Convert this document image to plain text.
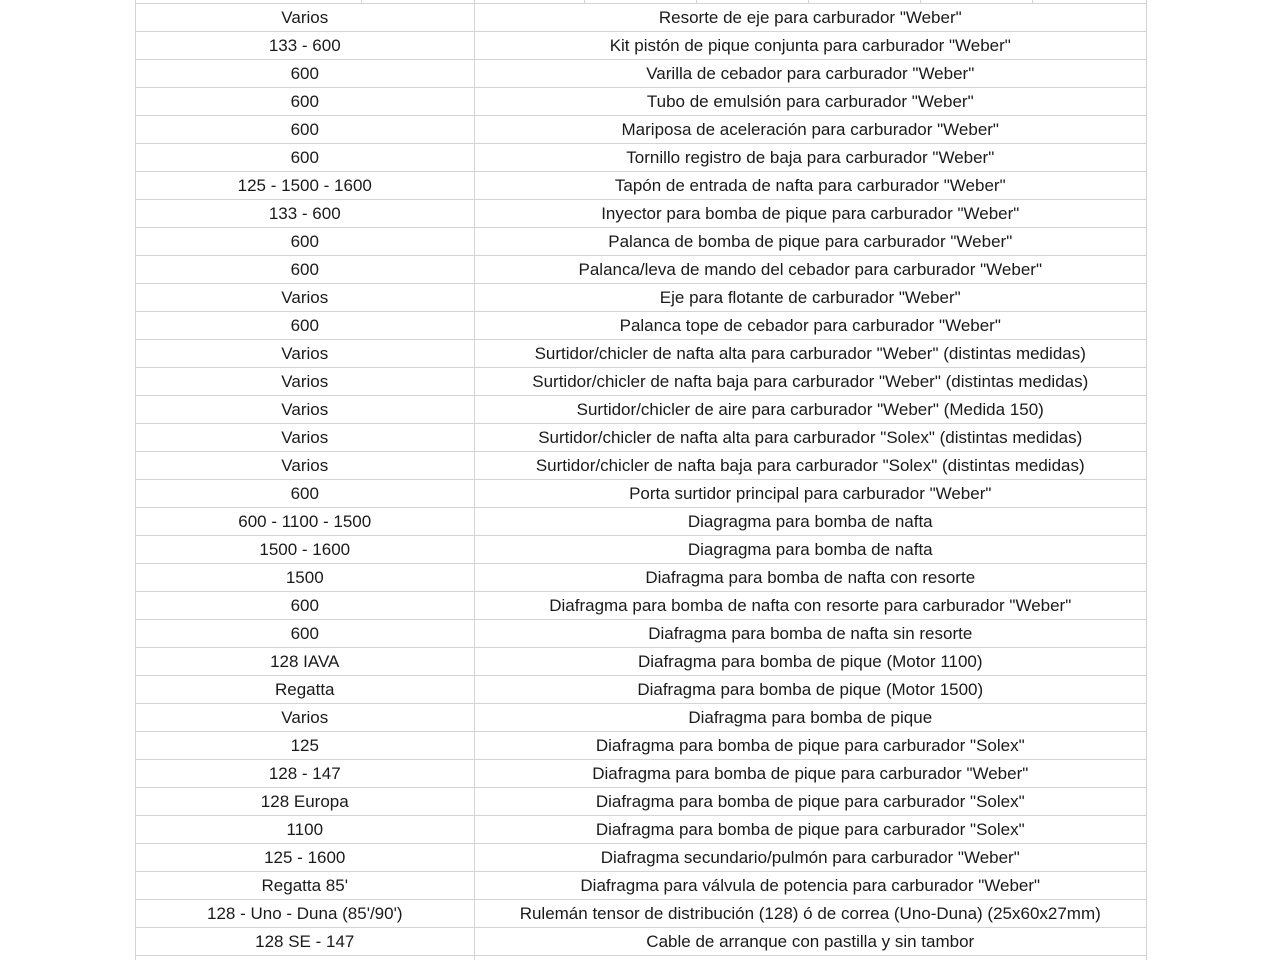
Varios	Resorte de eje para carburador "Weber"
133 - 600	Kit pistón de pique conjunta para carburador "Weber"
600	Varilla de cebador para carburador "Weber"
600	Tubo de emulsión para carburador "Weber"
600	Mariposa de aceleración para carburador "Weber"
600	Tornillo registro de baja para carburador "Weber"
125 - 1500 - 1600	Tapón de entrada de nafta para carburador "Weber"
133 - 600	Inyector para bomba de pique para carburador "Weber"
600	Palanca de bomba de pique para carburador "Weber"
600	Palanca/leva de mando del cebador para carburador "Weber"
Varios	Eje para flotante de carburador "Weber"
600	Palanca tope de cebador para carburador "Weber"
Varios	Surtidor/chicler de nafta alta para carburador "Weber" (distintas medidas)
Varios	Surtidor/chicler de nafta baja para carburador "Weber" (distintas medidas)
Varios	Surtidor/chicler de aire para carburador "Weber" (Medida 150)
Varios	Surtidor/chicler de nafta alta para carburador "Solex" (distintas medidas)
Varios	Surtidor/chicler de nafta baja para carburador "Solex" (distintas medidas)
600	Porta surtidor principal para carburador "Weber"
600 - 1100 - 1500	Diagragma para bomba de nafta
1500 - 1600	Diagragma para bomba de nafta
1500	Diafragma para bomba de nafta con resorte
600	Diafragma para bomba de nafta con resorte para carburador "Weber"
600	Diafragma para bomba de nafta sin resorte
128 IAVA	Diafragma para bomba de pique (Motor 1100)
Regatta	Diafragma para bomba de pique (Motor 1500)
Varios	Diafragma para bomba de pique
125	Diafragma para bomba de pique para carburador "Solex"
128 - 147	Diafragma para bomba de pique para carburador "Weber"
128 Europa	Diafragma para bomba de pique para carburador "Solex"
1100	Diafragma para bomba de pique para carburador "Solex"
125 - 1600	Diafragma secundario/pulmón para carburador "Weber"
Regatta 85'	Diafragma para válvula de potencia para carburador "Weber"
128 - Uno - Duna (85'/90')	Rulemán tensor de distribución (128) ó de correa (Uno-Duna) (25x60x27mm)
128 SE - 147	Cable de arranque con pastilla y sin tambor
